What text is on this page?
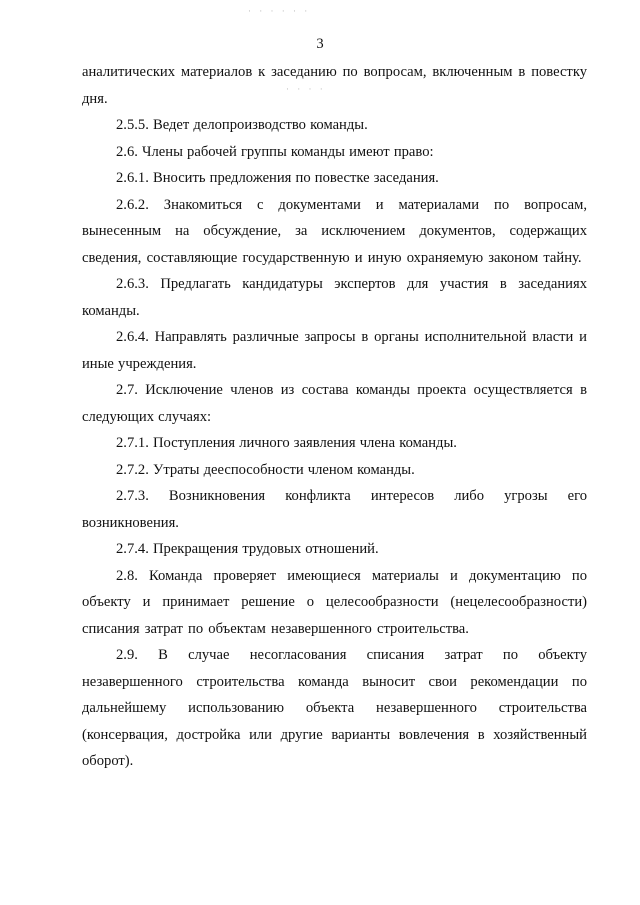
· · · · · ·
· · · ·
3

аналитических материалов к заседанию по вопросам, включенным в повестку дня.

2.5.5. Ведет делопроизводство команды.

2.6. Члены рабочей группы команды имеют право:

2.6.1. Вносить предложения по повестке заседания.

2.6.2. Знакомиться с документами и материалами по вопросам, вынесенным на обсуждение, за исключением документов, содержащих сведения, составляющие государственную и иную охраняемую законом тайну.

2.6.3. Предлагать кандидатуры экспертов для участия в заседаниях команды.

2.6.4. Направлять различные запросы в органы исполнительной власти и иные учреждения.

2.7. Исключение членов из состава команды проекта осуществляется в следующих случаях:

2.7.1. Поступления личного заявления члена команды.

2.7.2. Утраты дееспособности членом команды.

2.7.3. Возникновения конфликта интересов либо угрозы его возникновения.

2.7.4. Прекращения трудовых отношений.

2.8. Команда проверяет имеющиеся материалы и документацию по объекту и принимает решение о целесообразности (нецелесообразности) списания затрат по объектам незавершенного строительства.

2.9. В случае несогласования списания затрат по объекту незавершенного строительства команда выносит свои рекомендации по дальнейшему использованию объекта незавершенного строительства (консервация, достройка или другие варианты вовлечения в хозяйственный оборот).
